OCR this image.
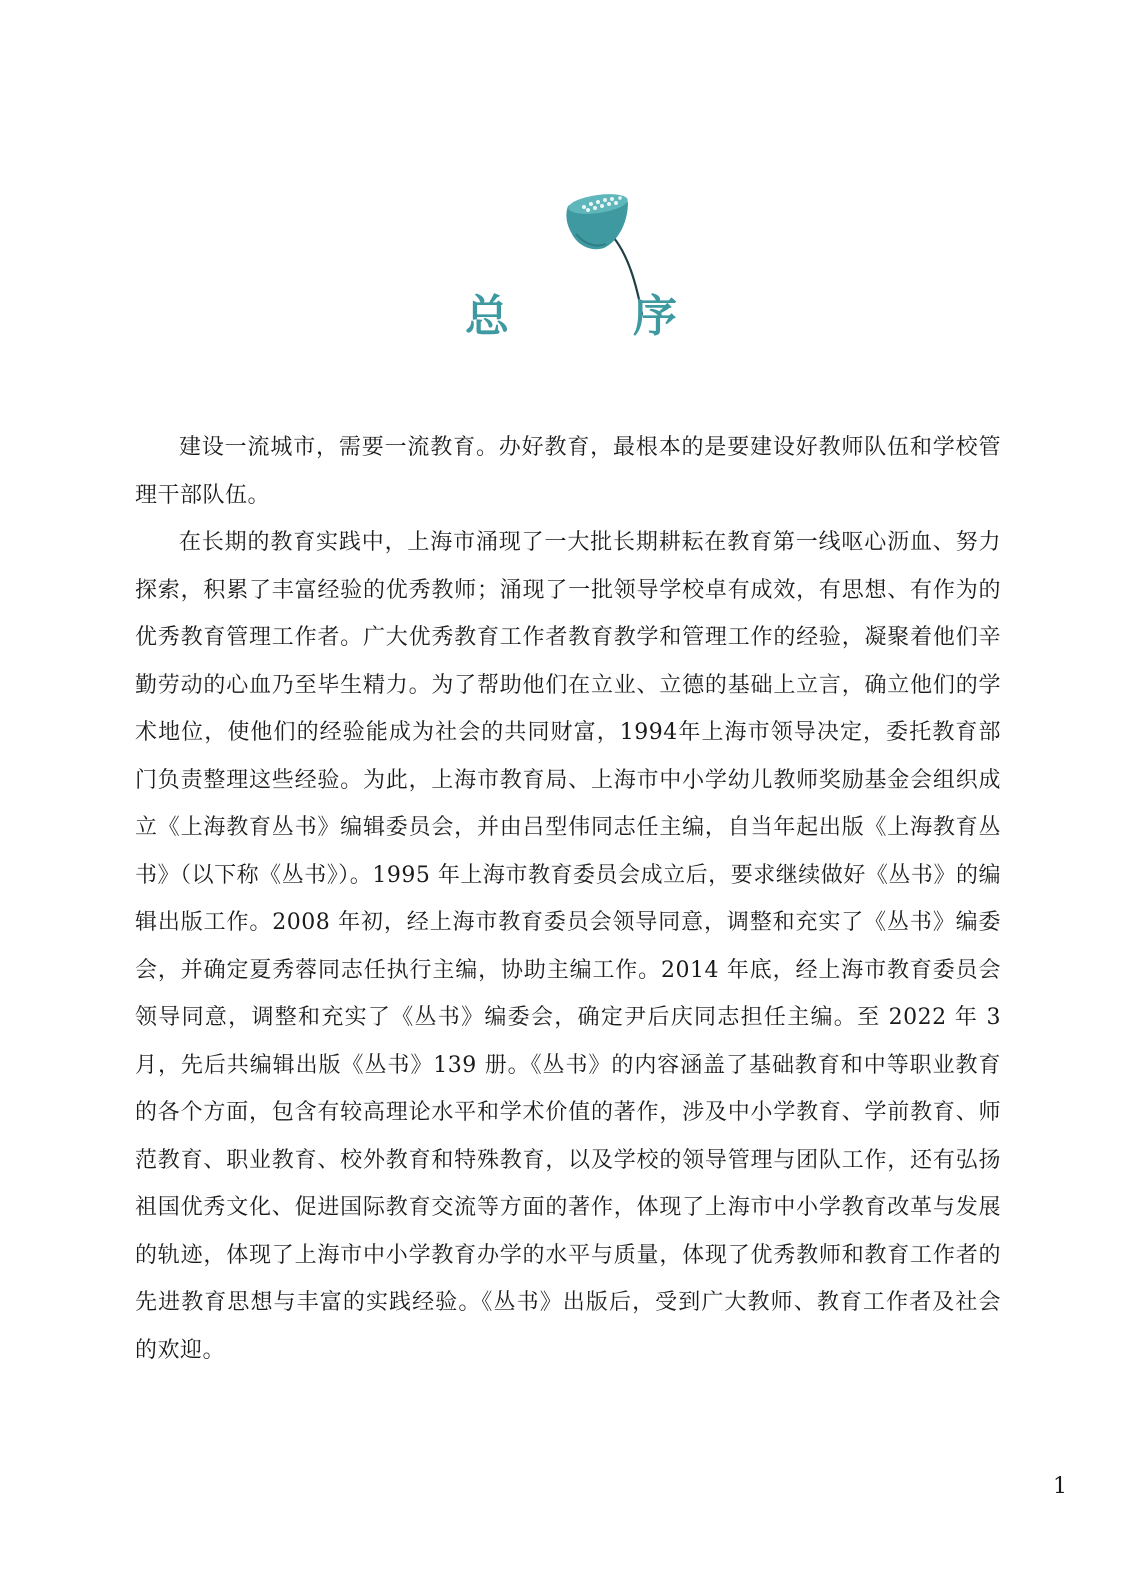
总　序

建设一流城市，需要一流教育。办好教育，最根本的是要建设好教师队伍和学校管理干部队伍。

在长期的教育实践中，上海市涌现了一大批长期耕耘在教育第一线呕心沥血、努力探索，积累了丰富经验的优秀教师；涌现了一批领导学校卓有成效，有思想、有作为的优秀教育管理工作者。广大优秀教育工作者教育教学和管理工作的经验，凝聚着他们辛勤劳动的心血乃至毕生精力。为了帮助他们在立业、立德的基础上立言，确立他们的学术地位，使他们的经验能成为社会的共同财富，1994年上海市领导决定，委托教育部门负责整理这些经验。为此，上海市教育局、上海市中小学幼儿教师奖励基金会组织成立《上海教育丛书》编辑委员会，并由吕型伟同志任主编，自当年起出版《上海教育丛书》（以下称《丛书》）。1995 年上海市教育委员会成立后，要求继续做好《丛书》的编辑出版工作。2008 年初，经上海市教育委员会领导同意，调整和充实了《丛书》编委会，并确定夏秀蓉同志任执行主编，协助主编工作。2014 年底，经上海市教育委员会领导同意，调整和充实了《丛书》编委会，确定尹后庆同志担任主编。至 2022 年 3 月，先后共编辑出版《丛书》139 册。《丛书》的内容涵盖了基础教育和中等职业教育的各个方面，包含有较高理论水平和学术价值的著作，涉及中小学教育、学前教育、师范教育、职业教育、校外教育和特殊教育，以及学校的领导管理与团队工作，还有弘扬祖国优秀文化、促进国际教育交流等方面的著作，体现了上海市中小学教育改革与发展的轨迹，体现了上海市中小学教育办学的水平与质量，体现了优秀教师和教育工作者的先进教育思想与丰富的实践经验。《丛书》出版后，受到广大教师、教育工作者及社会的欢迎。

1
